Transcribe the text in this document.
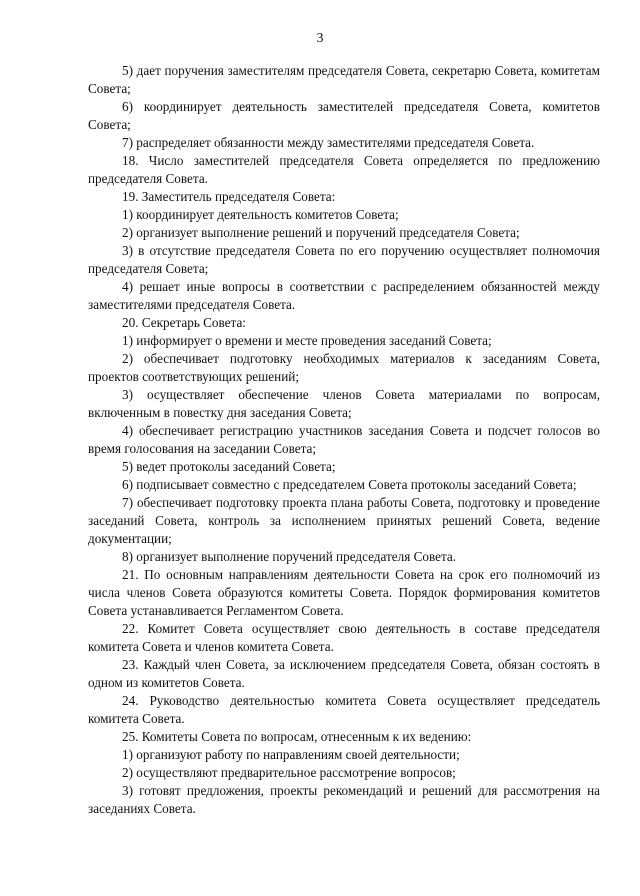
3

5) дает поручения заместителям председателя Совета, секретарю Совета, комитетам Совета;

6) координирует деятельность заместителей председателя Совета, комитетов Совета;

7) распределяет обязанности между заместителями председателя Совета.

18. Число заместителей председателя Совета определяется по предложению председателя Совета.

19. Заместитель председателя Совета:

1) координирует деятельность комитетов Совета;

2) организует выполнение решений и поручений председателя Совета;

3) в отсутствие председателя Совета по его поручению осуществляет полномочия председателя Совета;

4) решает иные вопросы в соответствии с распределением обязанностей между заместителями председателя Совета.

20. Секретарь Совета:

1) информирует о времени и месте проведения заседаний Совета;

2) обеспечивает подготовку необходимых материалов к заседаниям Совета, проектов соответствующих решений;

3) осуществляет обеспечение членов Совета материалами по вопросам, включенным в повестку дня заседания Совета;

4) обеспечивает регистрацию участников заседания Совета и подсчет голосов во время голосования на заседании Совета;

5) ведет протоколы заседаний Совета;

6) подписывает совместно с председателем Совета протоколы заседаний Совета;

7) обеспечивает подготовку проекта плана работы Совета, подготовку и проведение заседаний Совета, контроль за исполнением принятых решений Совета, ведение документации;

8) организует выполнение поручений председателя Совета.

21. По основным направлениям деятельности Совета на срок его полномочий из числа членов Совета образуются комитеты Совета. Порядок формирования комитетов Совета устанавливается Регламентом Совета.

22. Комитет Совета осуществляет свою деятельность в составе председателя комитета Совета и членов комитета Совета.

23. Каждый член Совета, за исключением председателя Совета, обязан состоять в одном из комитетов Совета.

24. Руководство деятельностью комитета Совета осуществляет председатель комитета Совета.

25. Комитеты Совета по вопросам, отнесенным к их ведению:

1) организуют работу по направлениям своей деятельности;

2) осуществляют предварительное рассмотрение вопросов;

3) готовят предложения, проекты рекомендаций и решений для рассмотрения на заседаниях Совета.
